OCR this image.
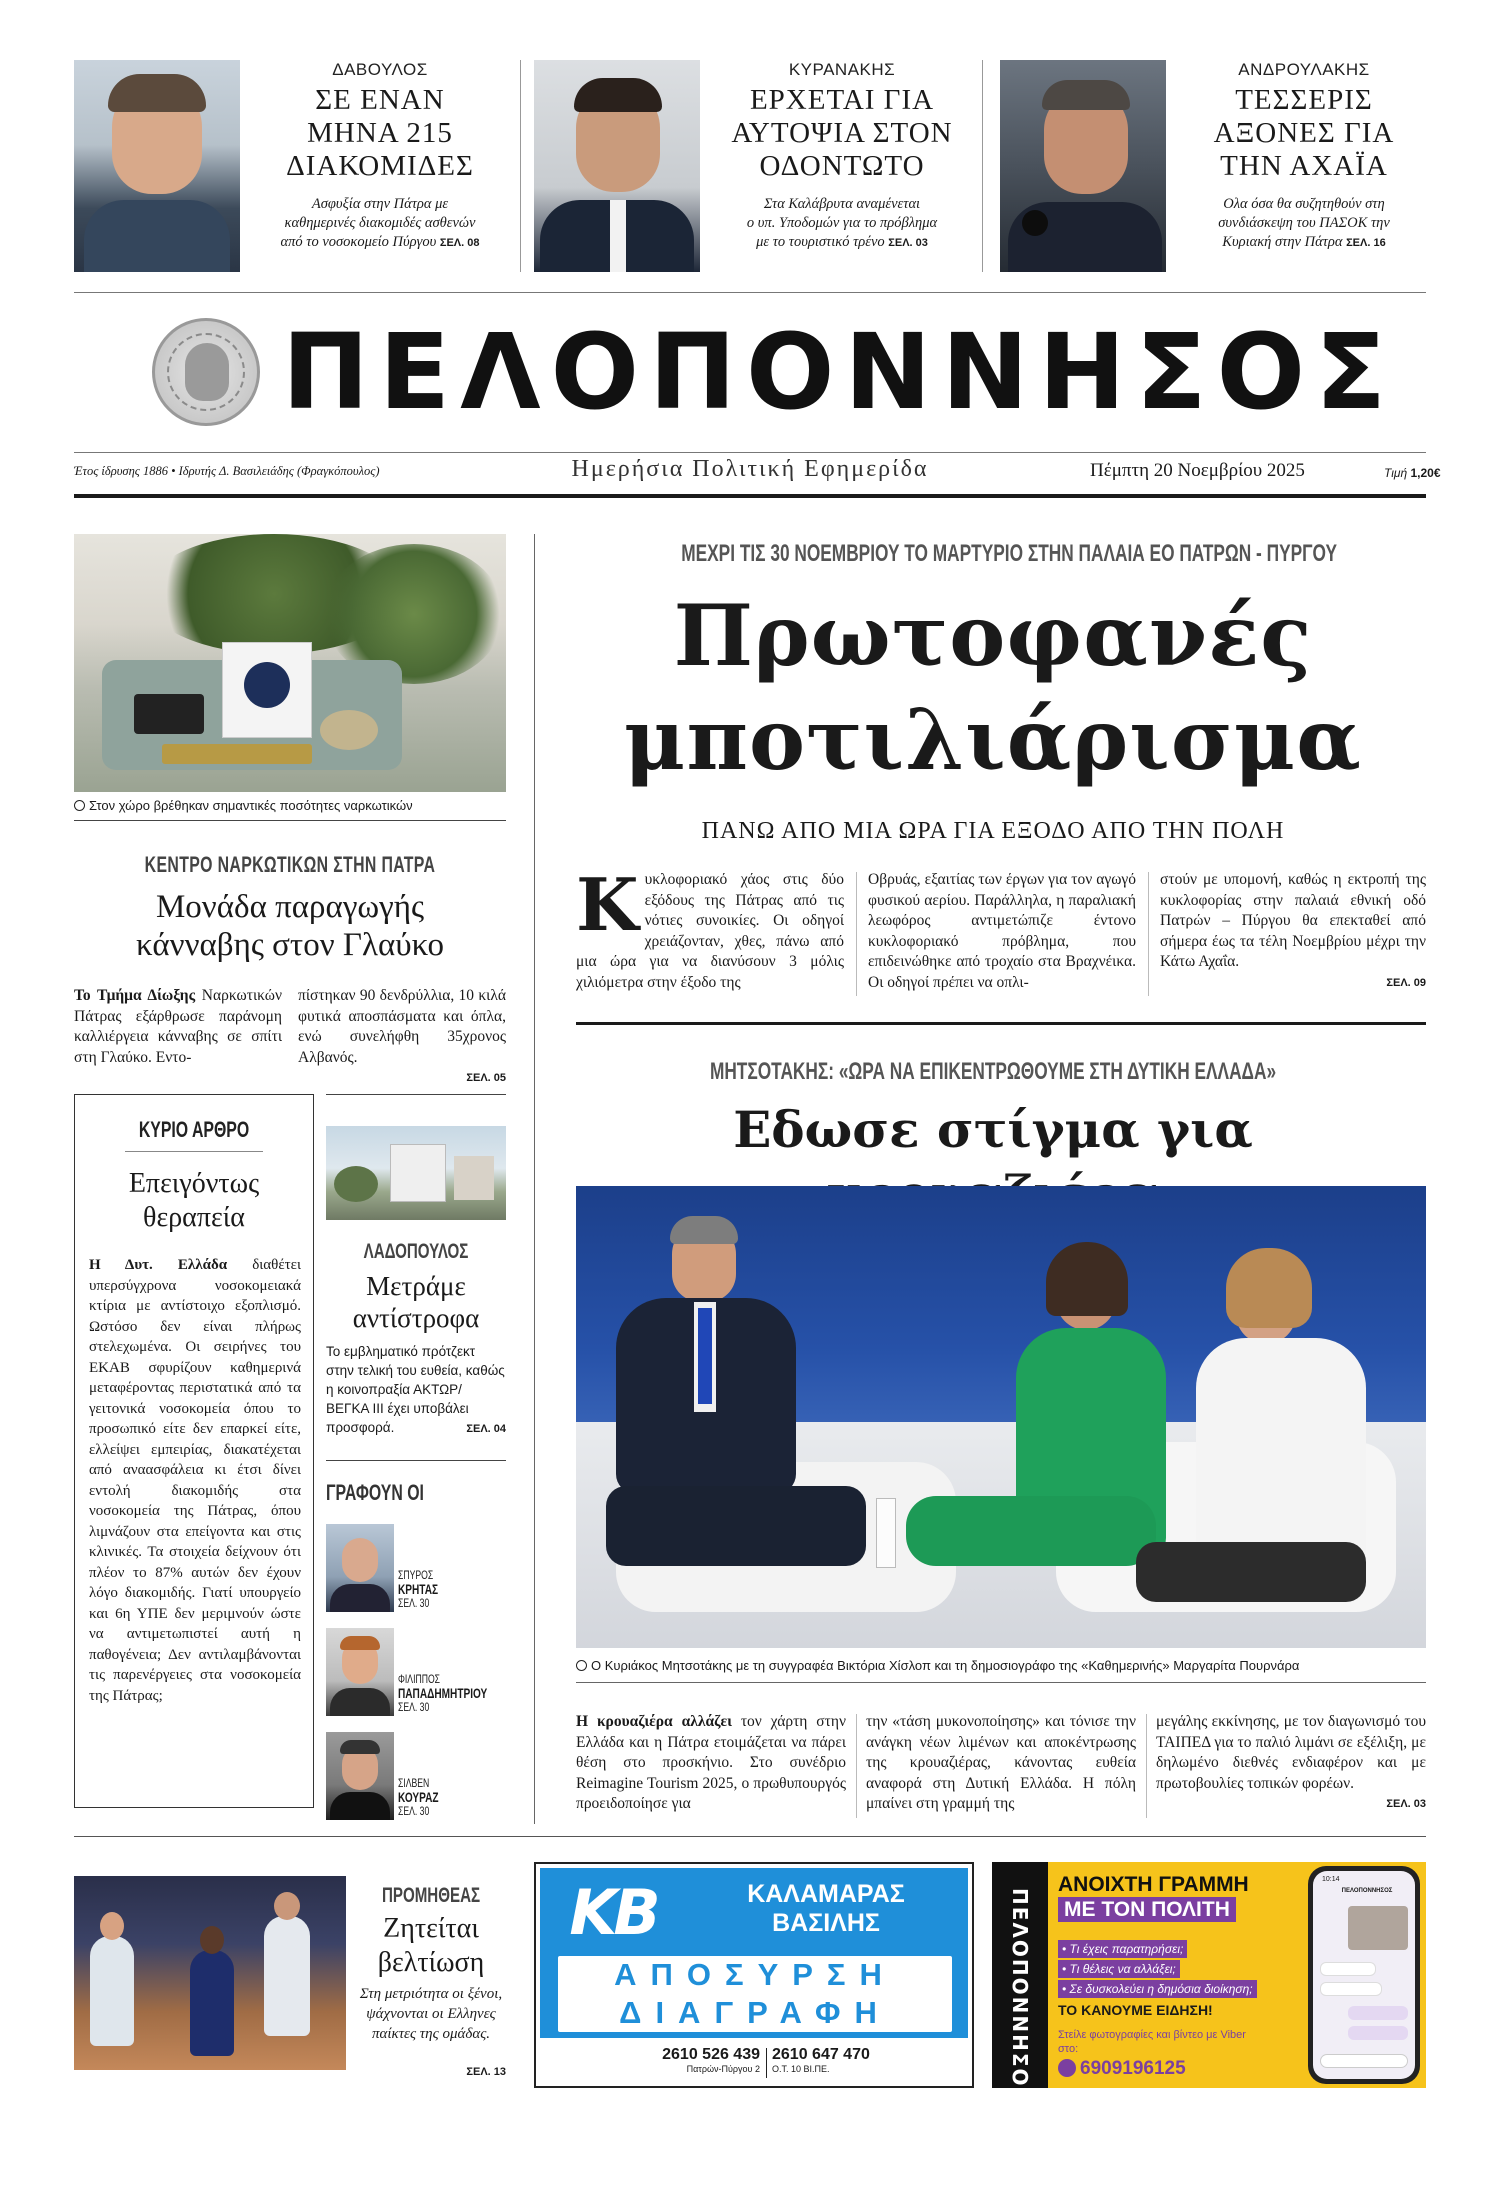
ΔΑΒΟΥΛΟΣ
ΣΕ ΕΝΑΝ
ΜΗΝΑ 215
ΔΙΑΚΟΜΙΔΕΣ
Ασφυξία στην Πάτρα με
καθημερινές διακομιδές ασθενών
από το νοσοκομείο Πύργου ΣΕΛ. 08
ΚΥΡΑΝΑΚΗΣ
ΕΡΧΕΤΑΙ ΓΙΑ
ΑΥΤΟΨΙΑ ΣΤΟΝ
ΟΔΟΝΤΩΤΟ
Στα Καλάβρυτα αναμένεται
ο υπ. Υποδομών για το πρόβλημα
με το τουριστικό τρένο ΣΕΛ. 03
ΑΝΔΡΟΥΛΑΚΗΣ
ΤΕΣΣΕΡΙΣ
ΑΞΟΝΕΣ ΓΙΑ
ΤΗΝ ΑΧΑΪΑ
Ολα όσα θα συζητηθούν στη
συνδιάσκεψη του ΠΑΣΟΚ την
Κυριακή στην Πάτρα ΣΕΛ. 16
ΠΕΛΟΠΟΝΝΗΣΟΣ
Έτος ίδρυσης 1886 • Ιδρυτής Δ. Βασιλειάδης (Φραγκόπουλος)	Ημερήσια Πολιτική Εφημερίδα	Πέμπτη 20 Νοεμβρίου 2025	Τιμή 1,20€
Στον χώρο βρέθηκαν σημαντικές ποσότητες ναρκωτικών
ΚΕΝΤΡΟ ΝΑΡΚΩΤΙΚΩΝ ΣΤΗΝ ΠΑΤΡΑ
Μονάδα παραγωγής
κάνναβης στον Γλαύκο
Το Τμήμα Δίωξης Ναρκωτικών Πάτρας εξάρθρωσε παράνομη καλλιέργεια κάνναβης σε σπίτι στη Γλαύκο. Εντο-
πίστηκαν 90 δενδρύλλια, 10 κιλά φυτικά αποσπάσματα και όπλα, ενώ συνελήφθη 35χρονος Αλβανός.
ΣΕΛ. 05
ΚΥΡΙΟ ΑΡΘΡΟ
Επειγόντως
θεραπεία
Η Δυτ. Ελλάδα διαθέτει υπερσύγχρονα νοσοκομειακά κτίρια με αντίστοιχο εξοπλισμό. Ωστόσο δεν είναι πλήρως στελεχωμένα. Οι σειρήνες του ΕΚΑΒ σφυρίζουν καθημερινά μεταφέροντας περιστατικά από τα γειτονικά νοσοκομεία όπου το προσωπικό είτε δεν επαρκεί είτε, ελλείψει εμπειρίας, διακατέχεται από αναασφάλεια κι έτσι δίνει εντολή διακομιδής στα νοσοκομεία της Πάτρας, όπου λιμνάζουν στα επείγοντα και στις κλινικές. Τα στοιχεία δείχνουν ότι πλέον το 87% αυτών δεν έχουν λόγο διακομιδής. Γιατί υπουργείο και 6η ΥΠΕ δεν μεριμνούν ώστε να αντιμετωπιστεί αυτή η παθογένεια; Δεν αντιλαμβάνονται τις παρενέργειες στα νοσοκομεία της Πάτρας;
ΛΑΔΟΠΟΥΛΟΣ
Μετράμε
αντίστροφα
Το εμβληματικό πρότζεκτ στην τελική του ευθεία, καθώς η κοινοπραξία ΑΚΤΩΡ/ ΒΕΓΚΑ ΙΙΙ έχει υποβάλει προσφορά.	ΣΕΛ. 04
ΓΡΑΦΟΥΝ ΟΙ
ΣΠΥΡΟΣ
ΚΡΗΤΑΣ
ΣΕΛ. 30
ΦΙΛΙΠΠΟΣ
ΠΑΠΑΔΗΜΗΤΡΙΟΥ
ΣΕΛ. 30
ΣΙΛΒΕΝ
ΚΟΥΡΑΖ
ΣΕΛ. 30
ΜΕΧΡΙ ΤΙΣ 30 ΝΟΕΜΒΡΙΟΥ ΤΟ ΜΑΡΤΥΡΙΟ ΣΤΗΝ ΠΑΛΑΙΑ ΕΟ ΠΑΤΡΩΝ - ΠΥΡΓΟΥ
Πρωτοφανές
μποτιλιάρισμα
ΠΑΝΩ ΑΠΟ ΜΙΑ ΩΡΑ ΓΙΑ ΕΞΟΔΟ ΑΠΟ ΤΗΝ ΠΟΛΗ
Κυκλοφοριακό χάος στις δύο εξόδους της Πάτρας από τις νότιες συνοικίες. Οι οδηγοί χρειάζονταν, χθες, πάνω από μια ώρα για να διανύσουν 3 μόλις χιλιόμετρα στην έξοδο της
Οβρυάς, εξαιτίας των έργων για τον αγωγό φυσικού αερίου. Παράλληλα, η παραλιακή λεωφόρος αντιμετώπιζε έντονο κυκλοφοριακό πρόβλημα, που επιδεινώθηκε από τροχαίο στα Βραχνέικα. Οι οδηγοί πρέπει να οπλι-
στούν με υπομονή, καθώς η εκτροπή της κυκλοφορίας στην παλαιά εθνική οδό Πατρών – Πύργου θα επεκταθεί από σήμερα έως τα τέλη Νοεμβρίου μέχρι την Κάτω Αχαΐα.
ΣΕΛ. 09
ΜΗΤΣΟΤΑΚΗΣ: «ΩΡΑ ΝΑ ΕΠΙΚΕΝΤΡΩΘΟΥΜΕ ΣΤΗ ΔΥΤΙΚΗ ΕΛΛΑΔΑ»
Εδωσε στίγμα για
Ο Κυριάκος Μητσοτάκης με τη συγγραφέα Βικτόρια Χίσλοπ και τη δημοσιογράφο της «Καθημερινής» Μαργαρίτα Πουρνάρα
Η κρουαζιέρα αλλάζει τον χάρτη στην Ελλάδα και η Πάτρα ετοιμάζεται να πάρει θέση στο προσκήνιο. Στο συνέδριο Reimagine Tourism 2025, ο πρωθυπουργός προειδοποίησε για
την «τάση μυκονοποίησης» και τόνισε την ανάγκη νέων λιμένων και αποκέντρωσης της κρουαζιέρας, κάνοντας ευθεία αναφορά στη Δυτική Ελλάδα. Η πόλη μπαίνει στη γραμμή της
μεγάλης εκκίνησης, με τον διαγωνισμό του ΤΑΙΠΕΔ για το παλιό λιμάνι σε εξέλιξη, με δηλωμένο διεθνές ενδιαφέρον και με πρωτοβουλίες τοπικών φορέων.
ΣΕΛ. 03
ΠΡΟΜΗΘΕΑΣ
Ζητείται
βελτίωση
Στη μετριότητα οι ξένοι, ψάχνονται οι Ελληνες παίκτες της ομάδας.
ΣΕΛ. 13
KB	ΚΑΛΑΜΑΡΑΣ
ΒΑΣΙΛΗΣ
ΑΠΟΣΥΡΣΗ
ΔΙΑΓΡΑΦΗ
2610 526 439
Πατρών-Πύργου 2
2610 647 470
Ο.Τ. 10 ΒΙ.ΠΕ.	ΠΕΛΟΠΟΝΝΗΣΟΣ
ΑΝΟΙΧΤΗ ΓΡΑΜΜΗ
ΜΕ ΤΟΝ ΠΟΛΙΤΗ
• Τι έχεις παρατηρήσει;
• Τι θέλεις να αλλάξει;
• Σε δυσκολεύει η δημόσια διοίκηση;
ΤΟ ΚΑΝΟΥΜΕ ΕΙΔΗΣΗ!
Στείλε φωτογραφίες και βίντεο με Viber στο:
6909196125
10:14
ΠΕΛΟΠΟΝΝΗΣΟΣ
